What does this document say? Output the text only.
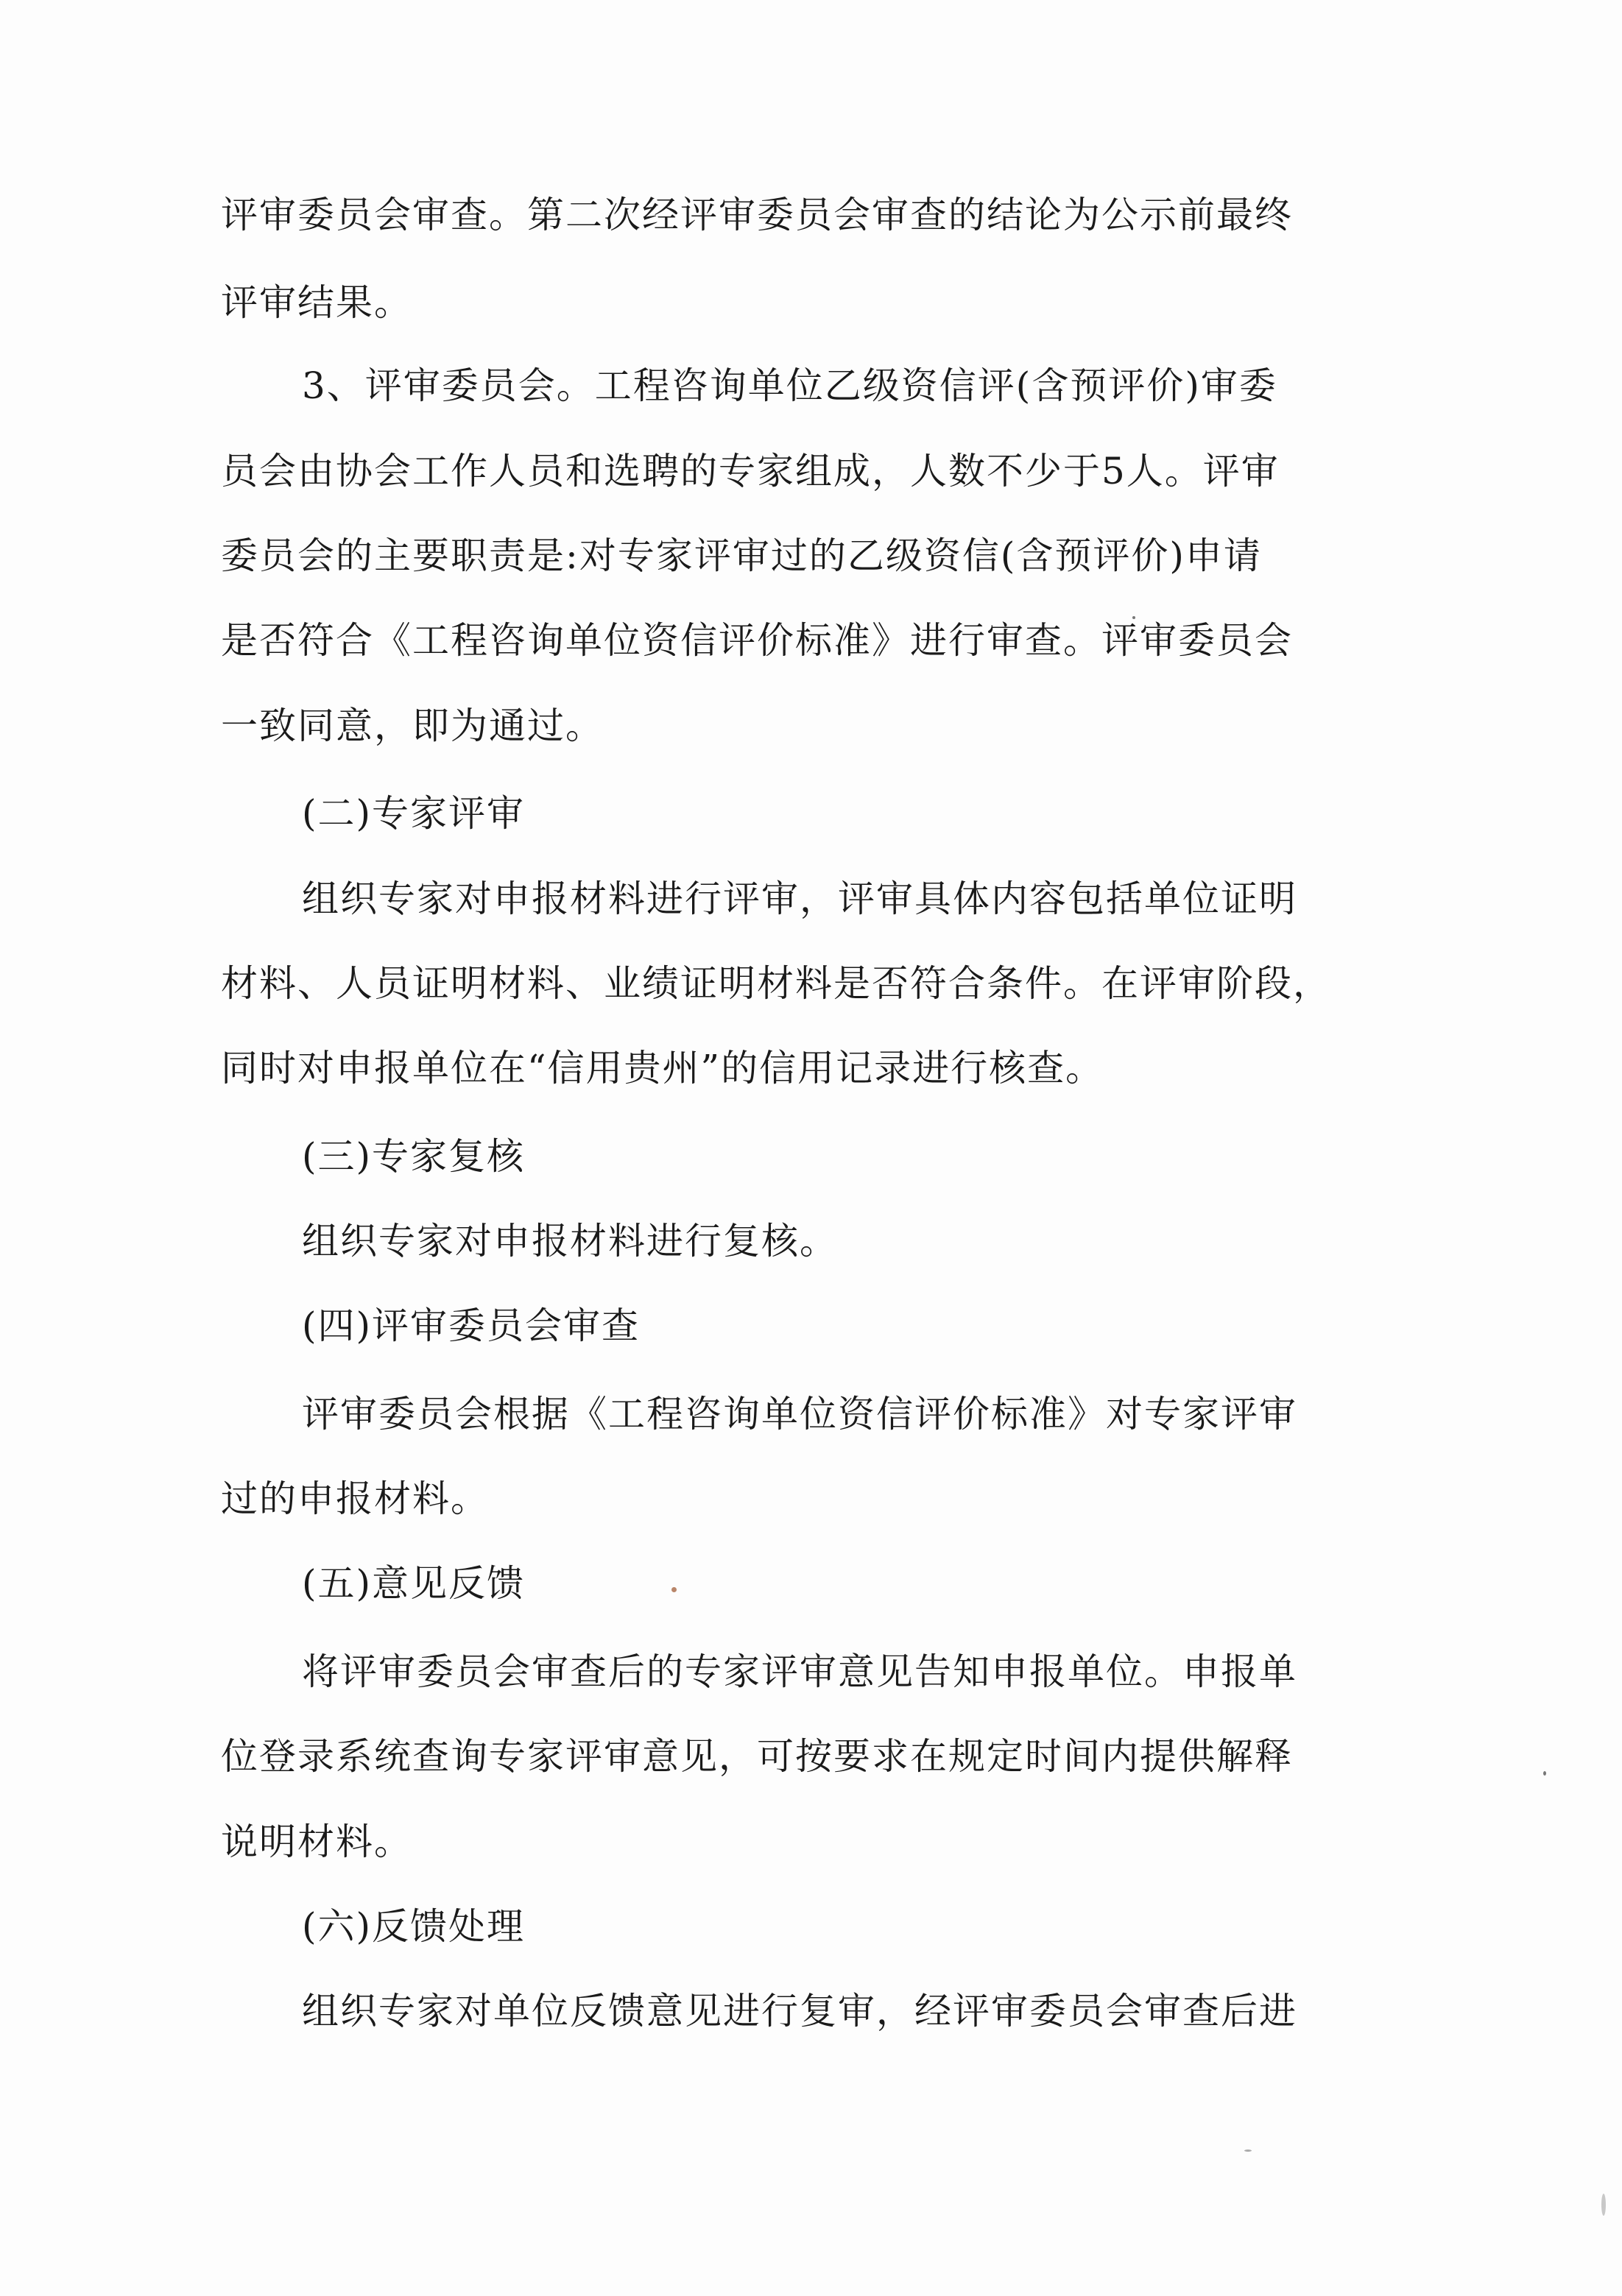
评审委员会审查。第二次经评审委员会审查的结论为公示前最终
评审结果。
3、评审委员会。工程咨询单位乙级资信评(含预评价)审委
员会由协会工作人员和选聘的专家组成，人数不少于5人。评审
委员会的主要职责是:对专家评审过的乙级资信(含预评价)申请
是否符合《工程咨询单位资信评价标准》进行审查。评审委员会
一致同意，即为通过。
(二)专家评审
组织专家对申报材料进行评审，评审具体内容包括单位证明
材料、人员证明材料、业绩证明材料是否符合条件。在评审阶段，
同时对申报单位在“信用贵州”的信用记录进行核查。
(三)专家复核
组织专家对申报材料进行复核。
(四)评审委员会审查
评审委员会根据《工程咨询单位资信评价标准》对专家评审
过的申报材料。
(五)意见反馈
将评审委员会审查后的专家评审意见告知申报单位。申报单
位登录系统查询专家评审意见，可按要求在规定时间内提供解释
说明材料。
(六)反馈处理
组织专家对单位反馈意见进行复审，经评审委员会审查后进
